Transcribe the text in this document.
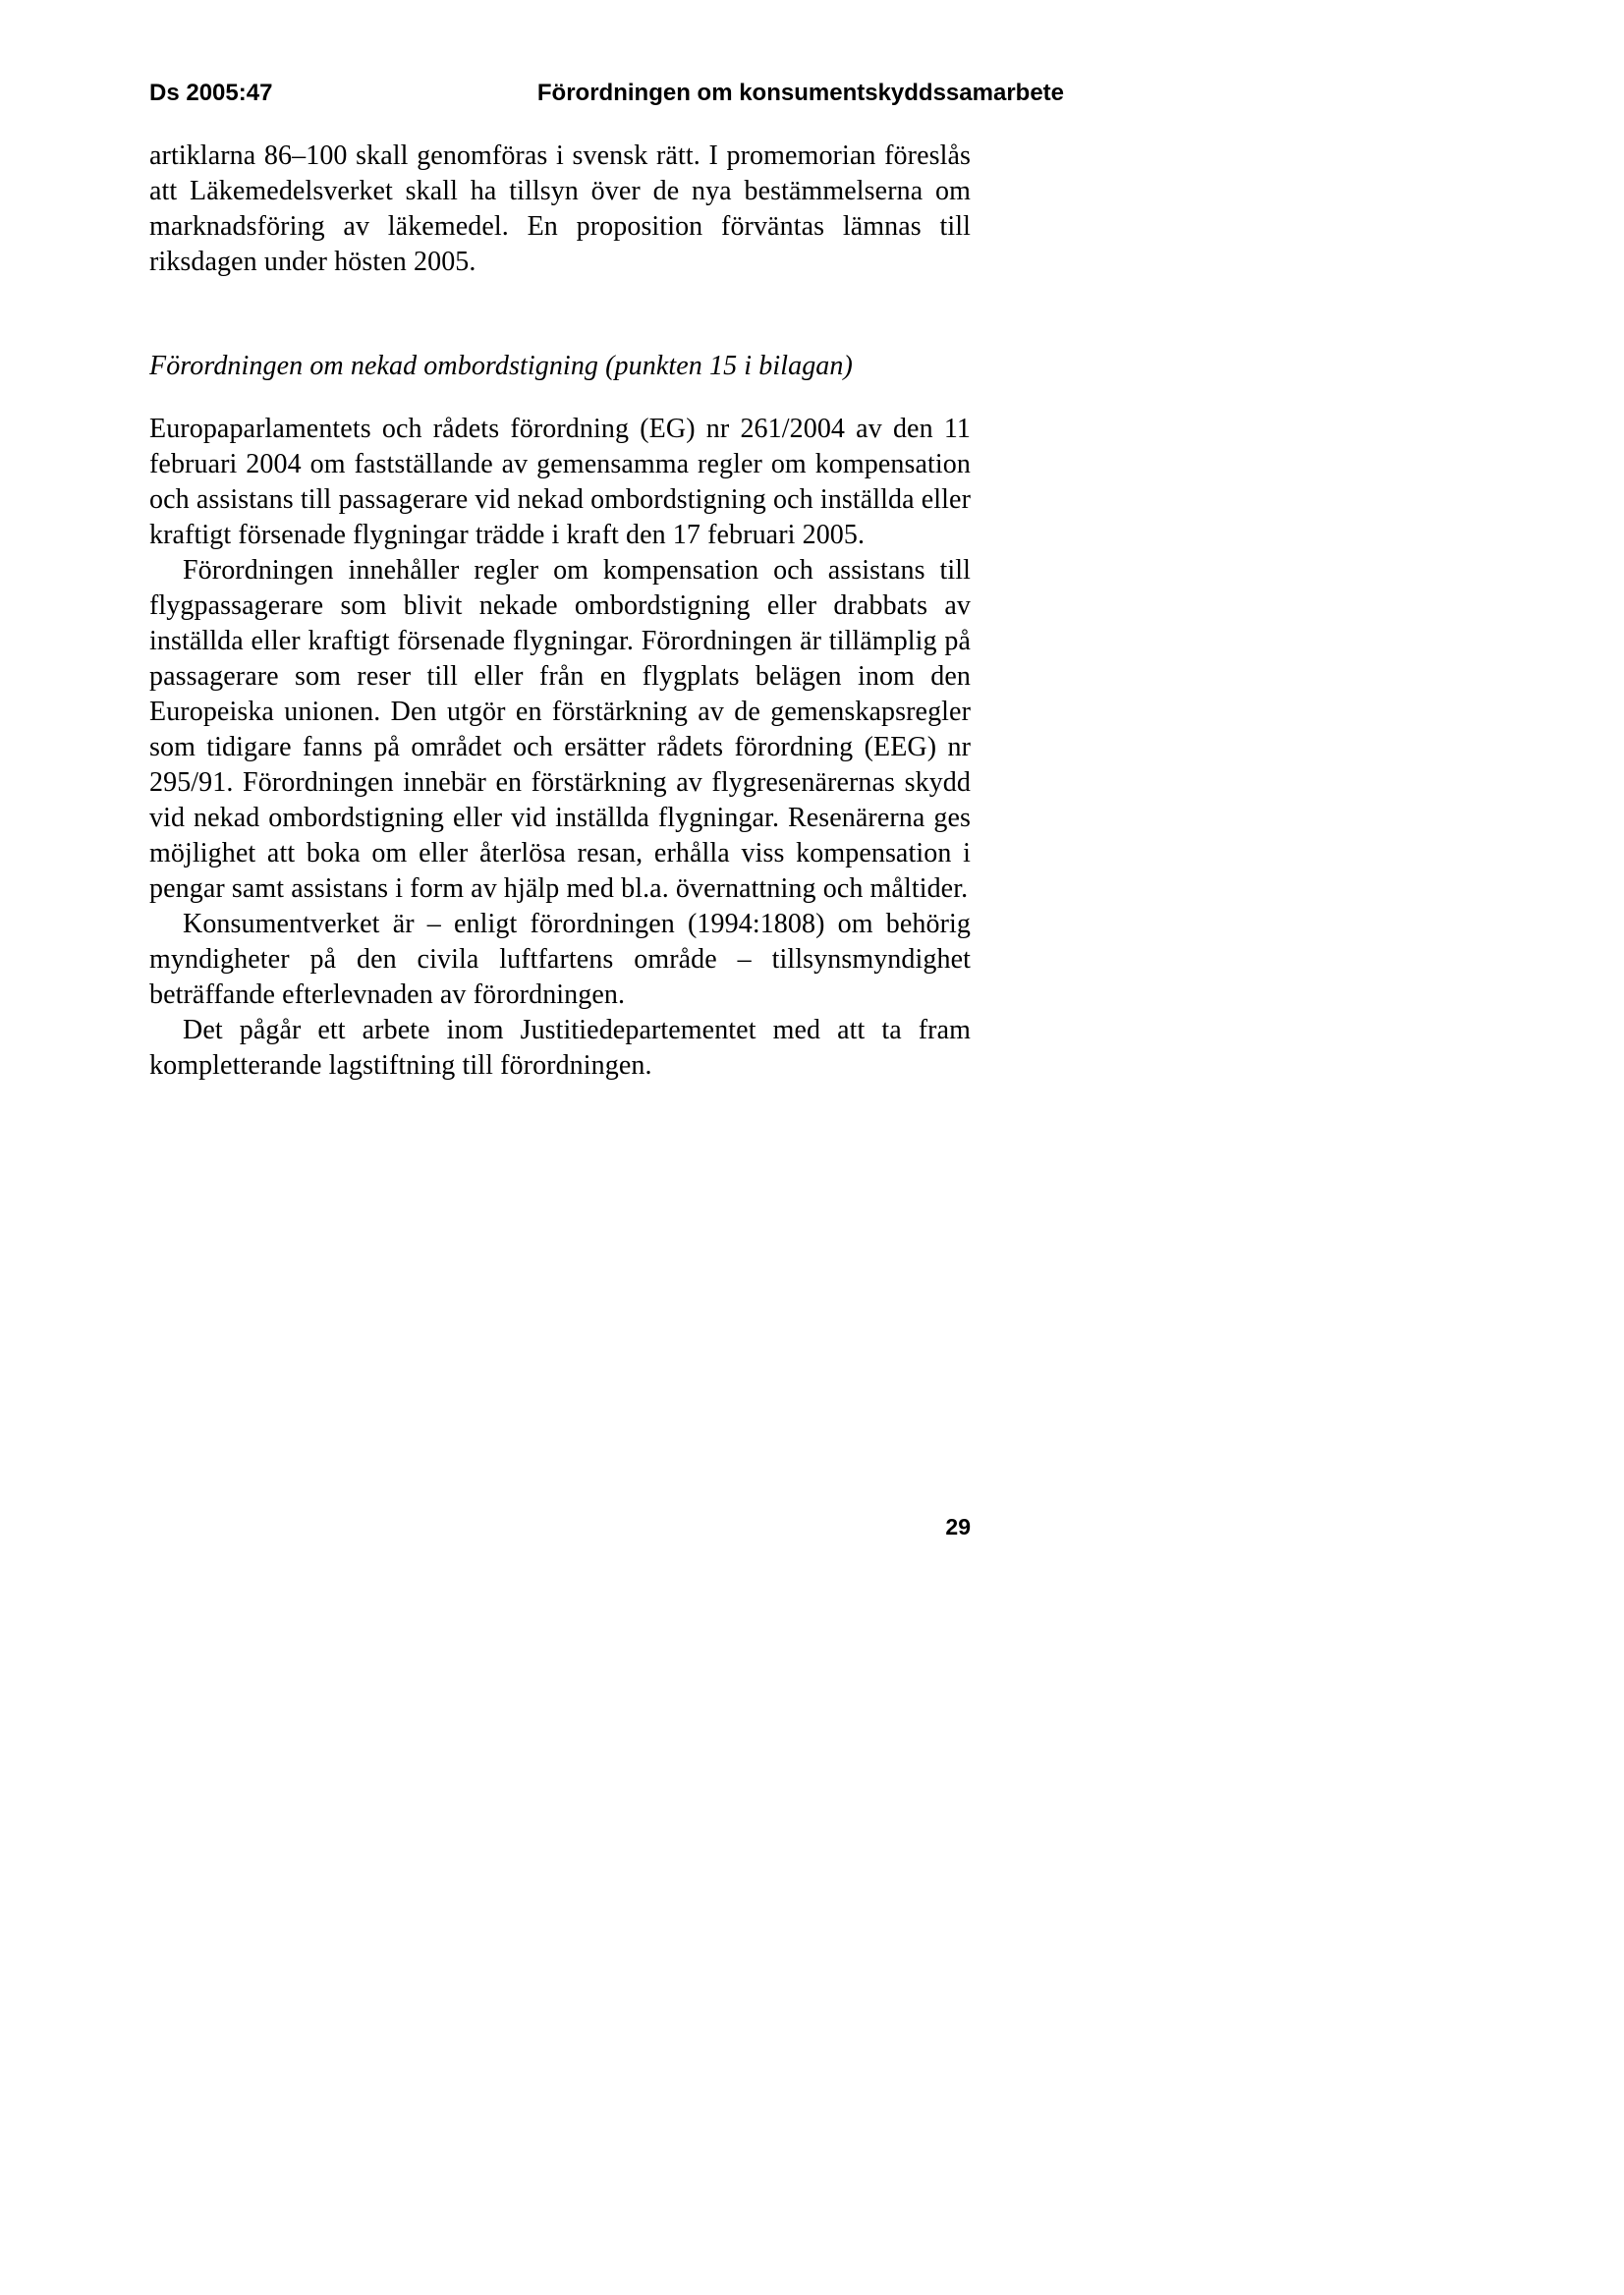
Ds 2005:47	Förordningen om konsumentskyddssamarbete

artiklarna 86–100 skall genomföras i svensk rätt. I promemorian föreslås att Läkemedelsverket skall ha tillsyn över de nya bestämmelserna om marknadsföring av läkemedel. En proposition förväntas lämnas till riksdagen under hösten 2005.

Förordningen om nekad ombordstigning (punkten 15 i bilagan)

Europaparlamentets och rådets förordning (EG) nr 261/2004 av den 11 februari 2004 om fastställande av gemensamma regler om kompensation och assistans till passagerare vid nekad ombordstigning och inställda eller kraftigt försenade flygningar trädde i kraft den 17 februari 2005.

Förordningen innehåller regler om kompensation och assistans till flygpassagerare som blivit nekade ombordstigning eller drabbats av inställda eller kraftigt försenade flygningar. Förordningen är tillämplig på passagerare som reser till eller från en flygplats belägen inom den Europeiska unionen. Den utgör en förstärkning av de gemenskapsregler som tidigare fanns på området och ersätter rådets förordning (EEG) nr 295/91. Förordningen innebär en förstärkning av flygresenärernas skydd vid nekad ombordstigning eller vid inställda flygningar. Resenärerna ges möjlighet att boka om eller återlösa resan, erhålla viss kompensation i pengar samt assistans i form av hjälp med bl.a. övernattning och måltider.

Konsumentverket är – enligt förordningen (1994:1808) om behörig myndigheter på den civila luftfartens område – tillsynsmyndighet beträffande efterlevnaden av förordningen.

Det pågår ett arbete inom Justitiedepartementet med att ta fram kompletterande lagstiftning till förordningen.

29
